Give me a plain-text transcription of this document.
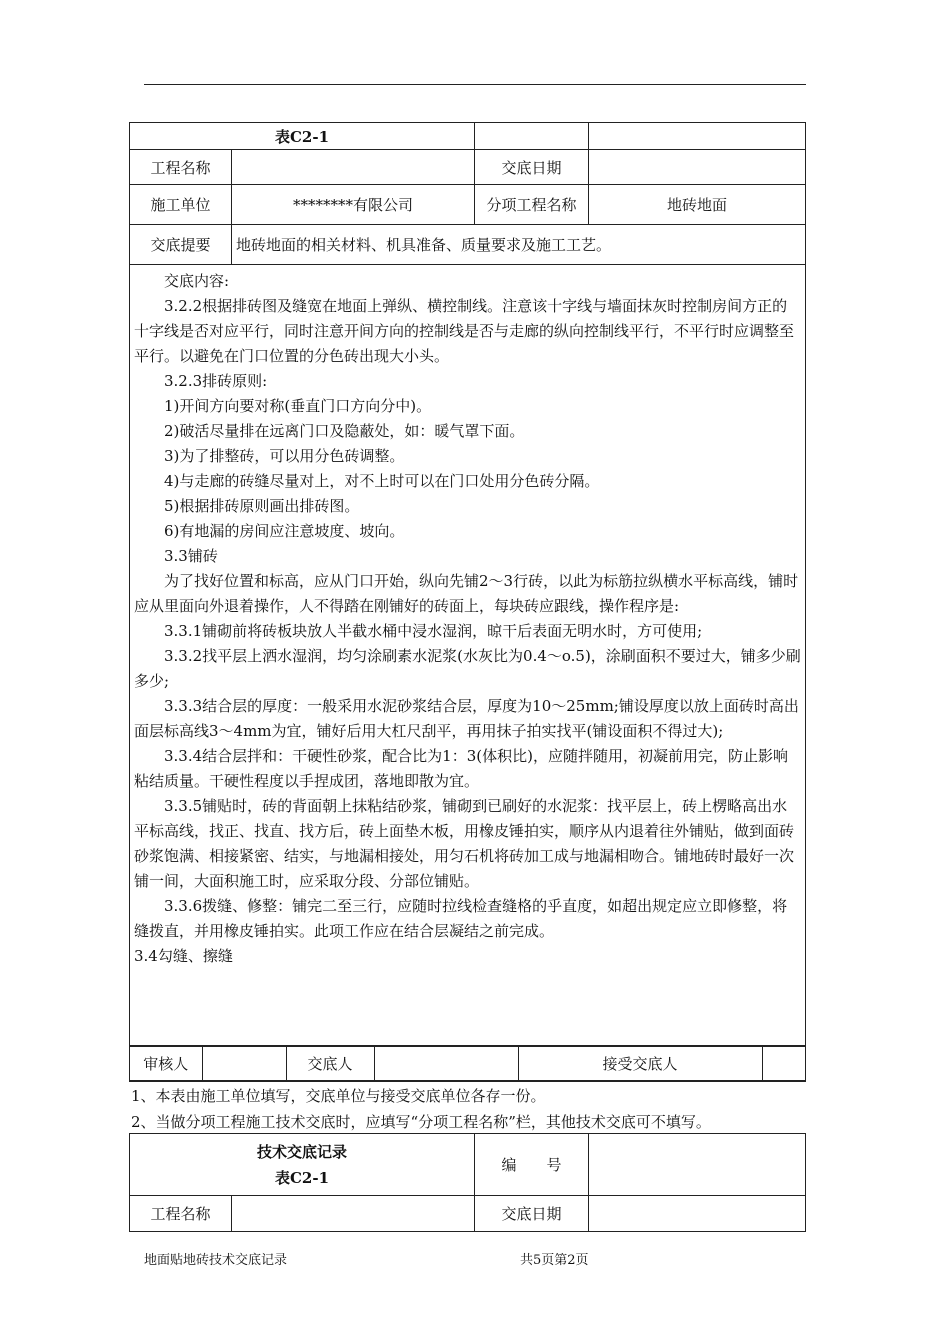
表C2-1		
工程名称		交底日期	
施工单位	********有限公司	分项工程名称	地砖地面
交底提要	地砖地面的相关材料、机具准备、质量要求及施工工艺。

交底内容:

3.2.2根据排砖图及缝宽在地面上弹纵、横控制线。注意该十字线与墙面抹灰时控制房间方正的十字线是否对应平行，同时注意开间方向的控制线是否与走廊的纵向控制线平行，不平行时应调整至平行。以避免在门口位置的分色砖出现大小头。

3.2.3排砖原则:

1)开间方向要对称(垂直门口方向分中)。

2)破活尽量排在远离门口及隐蔽处，如：暖气罩下面。

3)为了排整砖，可以用分色砖调整。

4)与走廊的砖缝尽量对上，对不上时可以在门口处用分色砖分隔。

5)根据排砖原则画出排砖图。

6)有地漏的房间应注意坡度、坡向。

3.3铺砖

为了找好位置和标高，应从门口开始，纵向先铺2～3行砖，以此为标筋拉纵横水平标高线，铺时应从里面向外退着操作，人不得踏在刚铺好的砖面上，每块砖应跟线，操作程序是:

3.3.1铺砌前将砖板块放人半截水桶中浸水湿润，晾干后表面无明水时，方可使用;

3.3.2找平层上洒水湿润，均匀涂刷素水泥浆(水灰比为0.4～o.5)，涂刷面积不要过大，铺多少刷多少;

3.3.3结合层的厚度：一般采用水泥砂浆结合层，厚度为10～25mm;铺设厚度以放上面砖时高出面层标高线3～4mm为宜，铺好后用大杠尺刮平，再用抹子拍实找平(铺设面积不得过大);

3.3.4结合层拌和：干硬性砂浆，配合比为1：3(体积比)，应随拌随用，初凝前用完，防止影响粘结质量。干硬性程度以手捏成团，落地即散为宜。

3.3.5铺贴时，砖的背面朝上抹粘结砂浆，铺砌到已刷好的水泥浆：找平层上，砖上楞略高出水平标高线，找正、找直、找方后，砖上面垫木板，用橡皮锤拍实，顺序从内退着往外铺贴，做到面砖砂浆饱满、相接紧密、结实，与地漏相接处，用匀石机将砖加工成与地漏相吻合。铺地砖时最好一次铺一间，大面积施工时，应采取分段、分部位铺贴。

3.3.6拨缝、修整：铺完二至三行，应随时拉线检查缝格的乎直度，如超出规定应立即修整，将缝拨直，并用橡皮锤拍实。此项工作应在结合层凝结之前完成。

3.4勾缝、擦缝

审核人		交底人		接受交底人	
1、本表由施工单位填写，交底单位与接受交底单位各存一份。
2、当做分项工程施工技术交底时，应填写“分项工程名称”栏，其他技术交底可不填写。
技术交底记录
表C2-1		编　　号	
工程名称		交底日期	
地面贴地砖技术交底记录	共5页第2页
